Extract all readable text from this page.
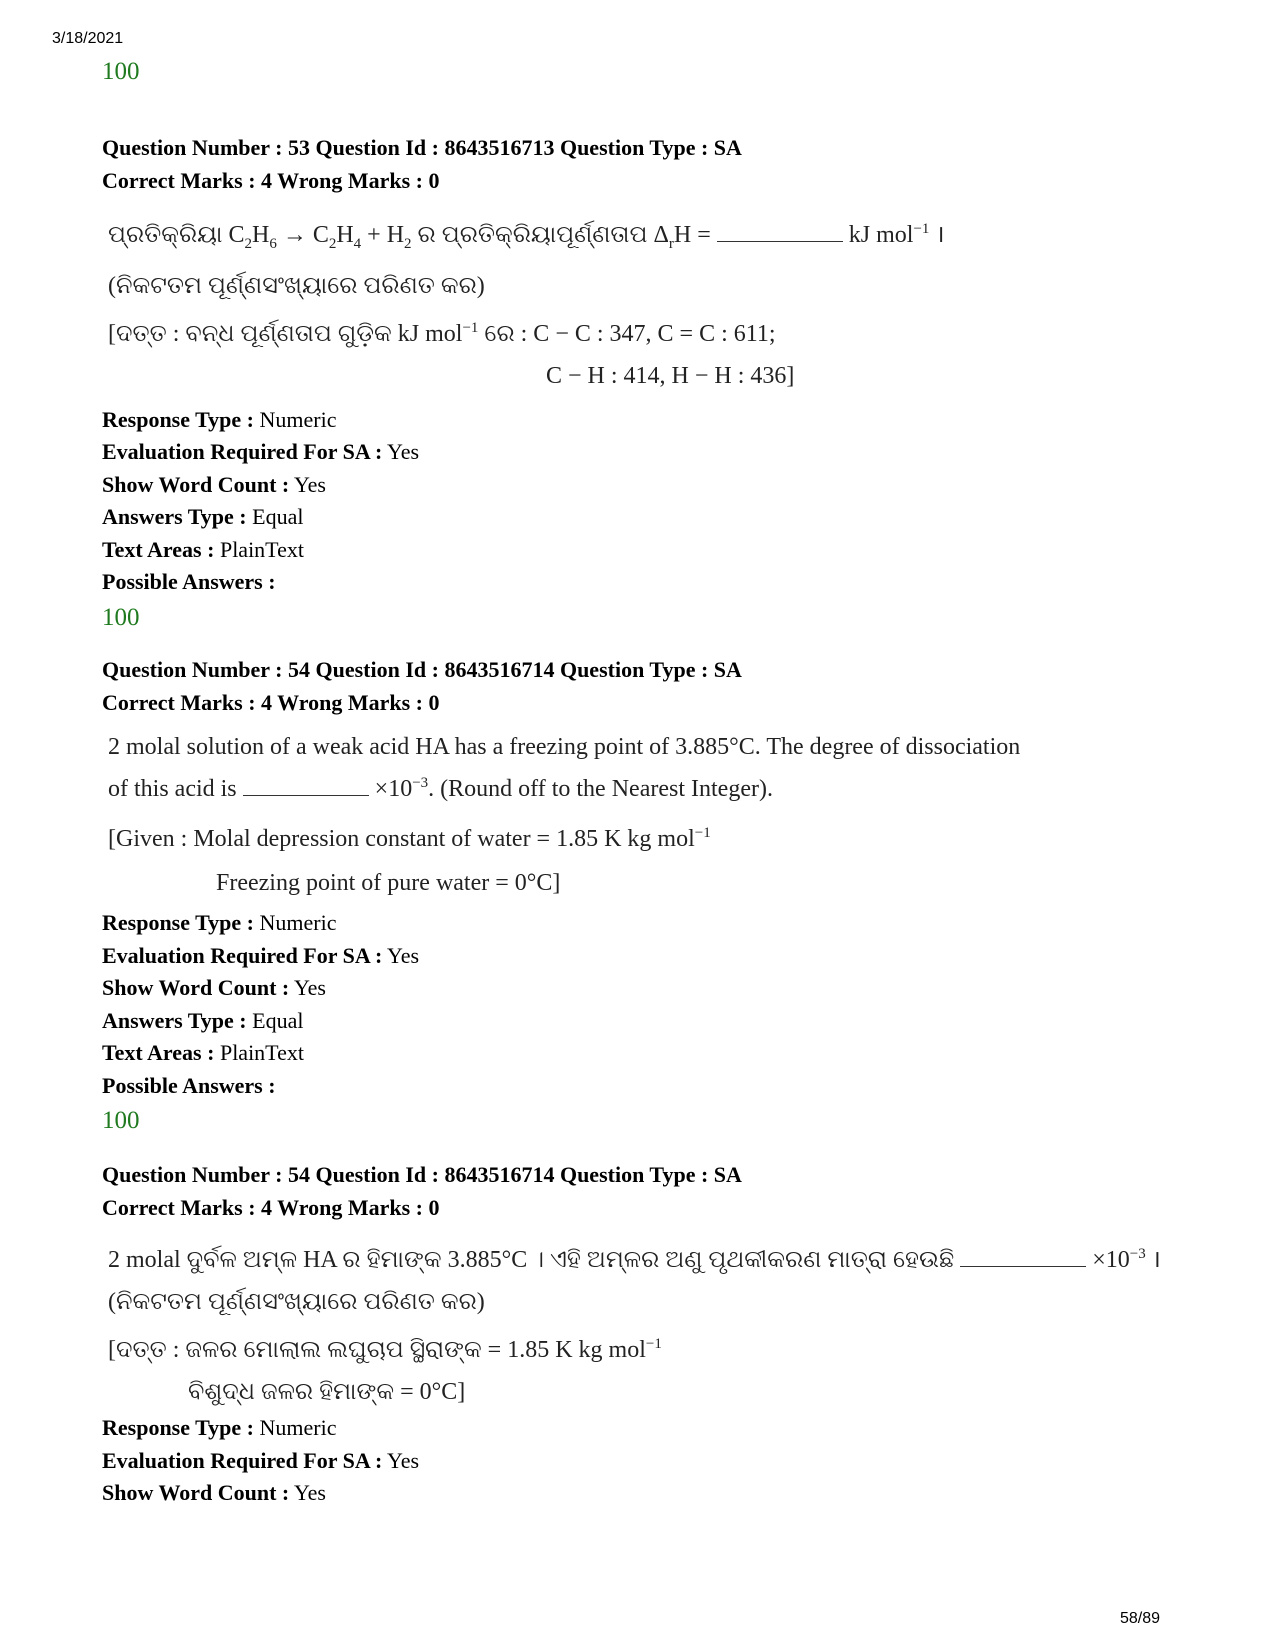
3/18/2021
100
Question Number : 53 Question Id : 8643516713 Question Type : SA
Correct Marks : 4 Wrong Marks : 0
ପ୍ରତିକ୍ରିୟା $C_2H_6 \to C_2H_4 + H_2$ ର ପ୍ରତିକ୍ରିୟାପୂର୍ଣ୍ଣତାପ $\Delta_rH$ =	kJ mol$^{-1}$ ।
(ନିକଟତମ ପୂର୍ଣ୍ଣସଂଖ୍ୟାରେ ପରିଣତ କର)
[ଦତ୍ତ : ବନ୍ଧ ପୂର୍ଣ୍ଣତାପ ଗୁଡ଼ିକ kJ mol$^{-1}$ ରେ : C − C : 347, C = C : 611;
C − H : 414, H − H : 436]
Response Type : Numeric
Evaluation Required For SA : Yes
Show Word Count : Yes
Answers Type : Equal
Text Areas : PlainText
Possible Answers :
100
Question Number : 54 Question Id : 8643516714 Question Type : SA
Correct Marks : 4 Wrong Marks : 0
2 molal solution of a weak acid HA has a freezing point of 3.885°C. The degree of dissociation
of this acid is	$\times 10^{-3}$. (Round off to the Nearest Integer).
[Given : Molal depression constant of water = 1.85 K kg mol$^{-1}$
Freezing point of pure water = 0°C]
Response Type : Numeric
Evaluation Required For SA : Yes
Show Word Count : Yes
Answers Type : Equal
Text Areas : PlainText
Possible Answers :
100
Question Number : 54 Question Id : 8643516714 Question Type : SA
Correct Marks : 4 Wrong Marks : 0
2 molal ଦୁର୍ବଳ ଅମ୍ଳ HA ର ହିମାଙ୍କ 3.885°C । ଏହି ଅମ୍ଳର ଅଣୁ ପୃଥକୀକରଣ ମାତ୍ରା ହେଉଛି	$\times 10^{-3}$ ।
(ନିକଟତମ ପୂର୍ଣ୍ଣସଂଖ୍ୟାରେ ପରିଣତ କର)
[ଦତ୍ତ : ଜଳର ମୋଲାଲ ଲଘୁଚାପ ସ୍ଥିରାଙ୍କ = 1.85 K kg mol$^{-1}$
ବିଶୁଦ୍ଧ ଜଳର ହିମାଙ୍କ = 0°C]
Response Type : Numeric
Evaluation Required For SA : Yes
Show Word Count : Yes
58/89
